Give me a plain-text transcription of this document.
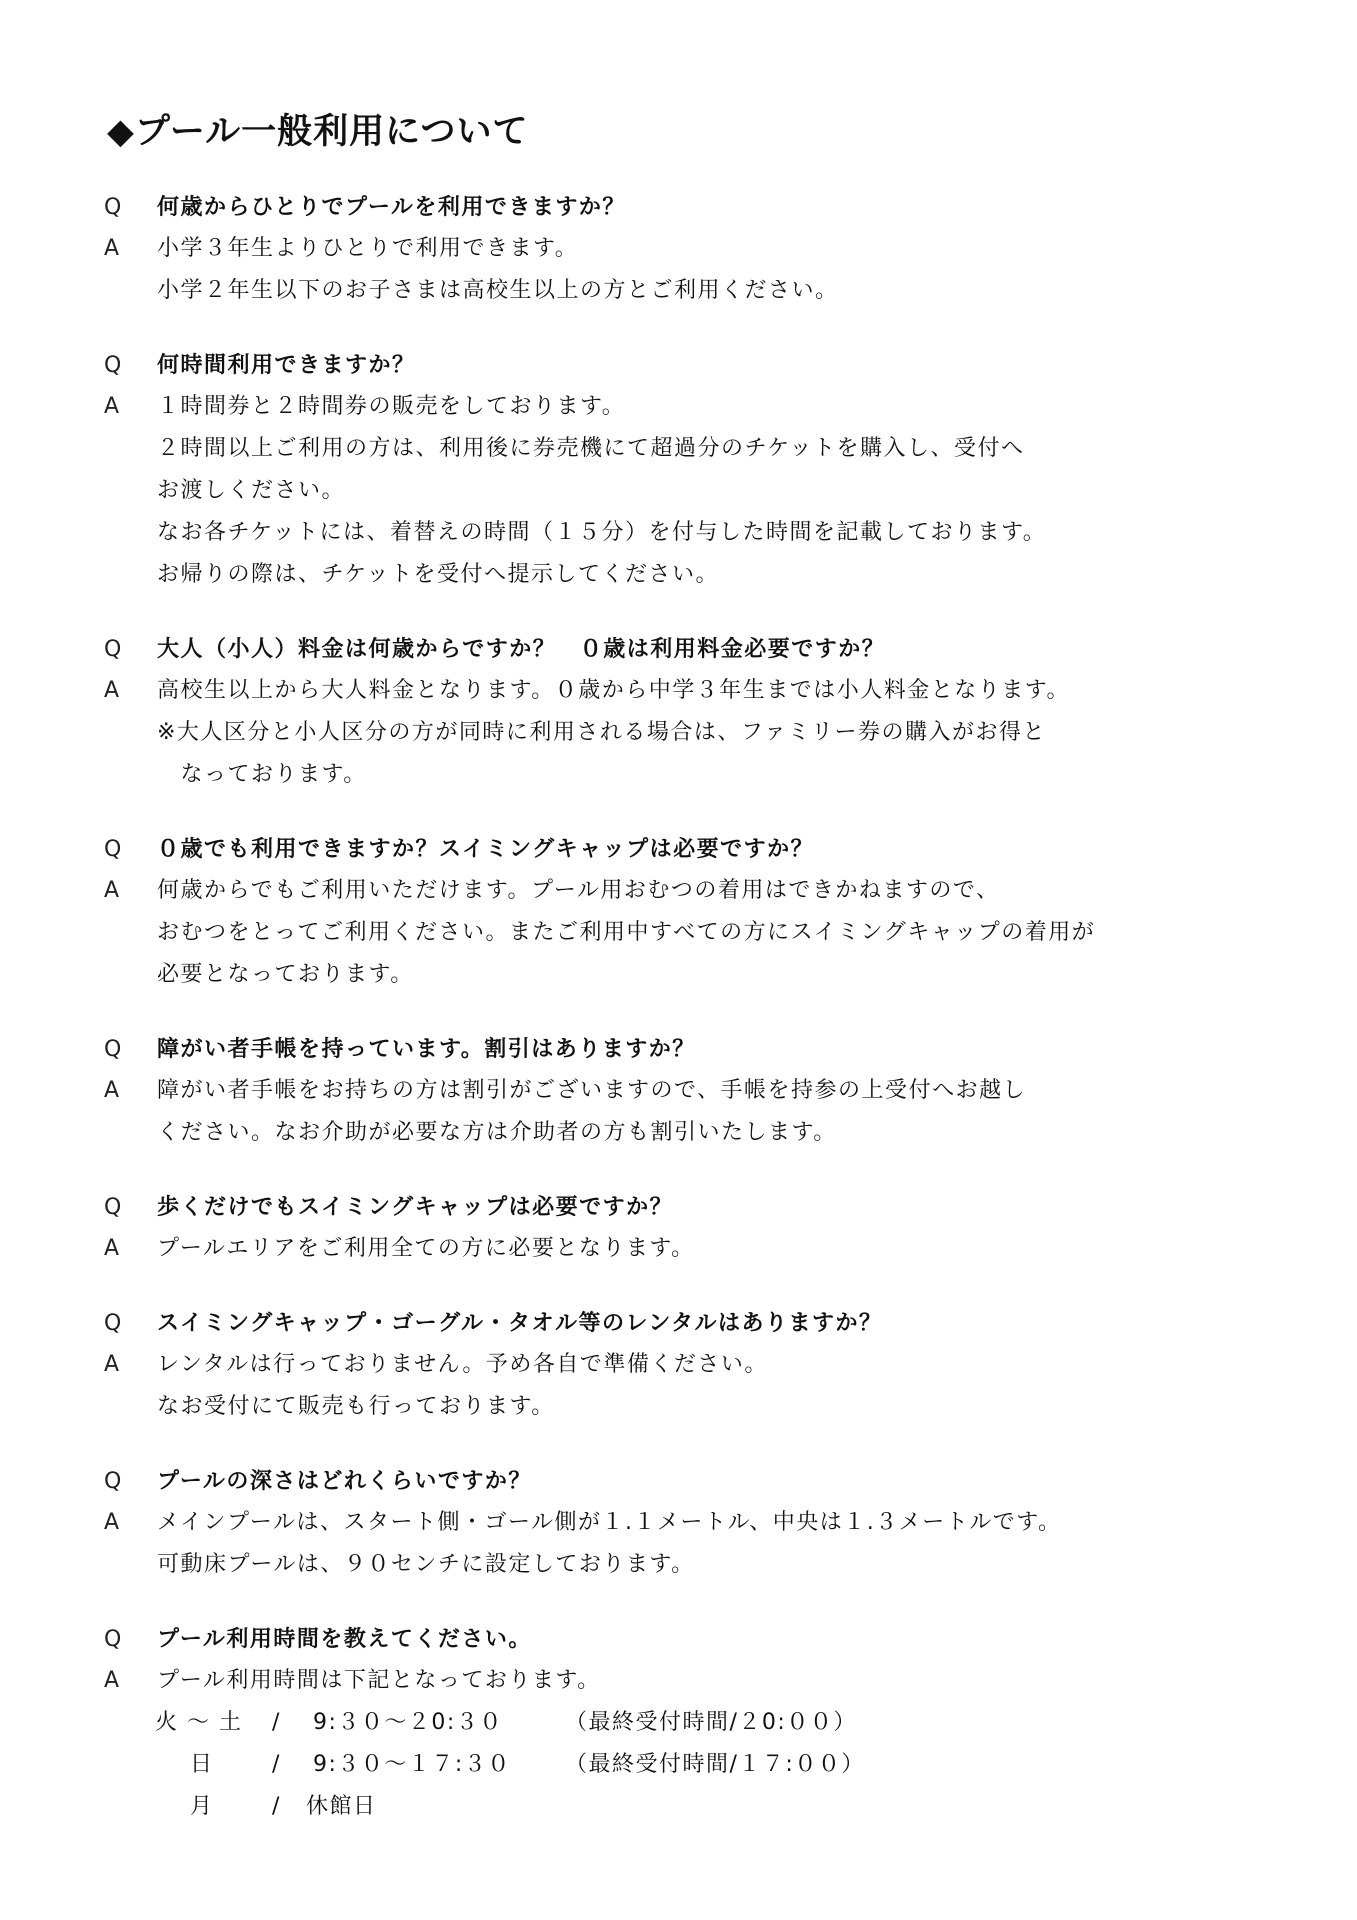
◆プール一般利用について
Q 何歳からひとりでプールを利用できますか？
A 小学３年生よりひとりで利用できます。
小学２年生以下のお子さまは高校生以上の方とご利用ください。
Q 何時間利用できますか？
A １時間券と２時間券の販売をしております。
２時間以上ご利用の方は、利用後に券売機にて超過分のチケットを購入し、受付へ
お渡しください。
なお各チケットには、着替えの時間（１５分）を付与した時間を記載しております。
お帰りの際は、チケットを受付へ提示してください。
Q 大人（小人）料金は何歳からですか？　０歳は利用料金必要ですか？
A 高校生以上から大人料金となります。０歳から中学３年生までは小人料金となります。
※大人区分と小人区分の方が同時に利用される場合は、ファミリー券の購入がお得と
　なっております。
Q ０歳でも利用できますか？スイミングキャップは必要ですか？
A 何歳からでもご利用いただけます。プール用おむつの着用はできかねますので、
おむつをとってご利用ください。またご利用中すべての方にスイミングキャップの着用が
必要となっております。
Q 障がい者手帳を持っています。割引はありますか？
A 障がい者手帳をお持ちの方は割引がございますので、手帳を持参の上受付へお越し
ください。なお介助が必要な方は介助者の方も割引いたします。
Q 歩くだけでもスイミングキャップは必要ですか？
A プールエリアをご利用全ての方に必要となります。
Q スイミングキャップ・ゴーグル・タオル等のレンタルはありますか？
A レンタルは行っておりません。予め各自で準備ください。
なお受付にて販売も行っております。
Q プールの深さはどれくらいですか？
A メインプールは、スタート側・ゴール側が１.１メートル、中央は１.３メートルです。
可動床プールは、９０センチに設定しております。
Q プール利用時間を教えてください。
A プール利用時間は下記となっております。
火 〜 土 / 9:３０〜２0:３０	（最終受付時間/２0:００）
日	/ 9:３０〜１７:３０ （最終受付時間/１７:００）
月	/ 休館日
